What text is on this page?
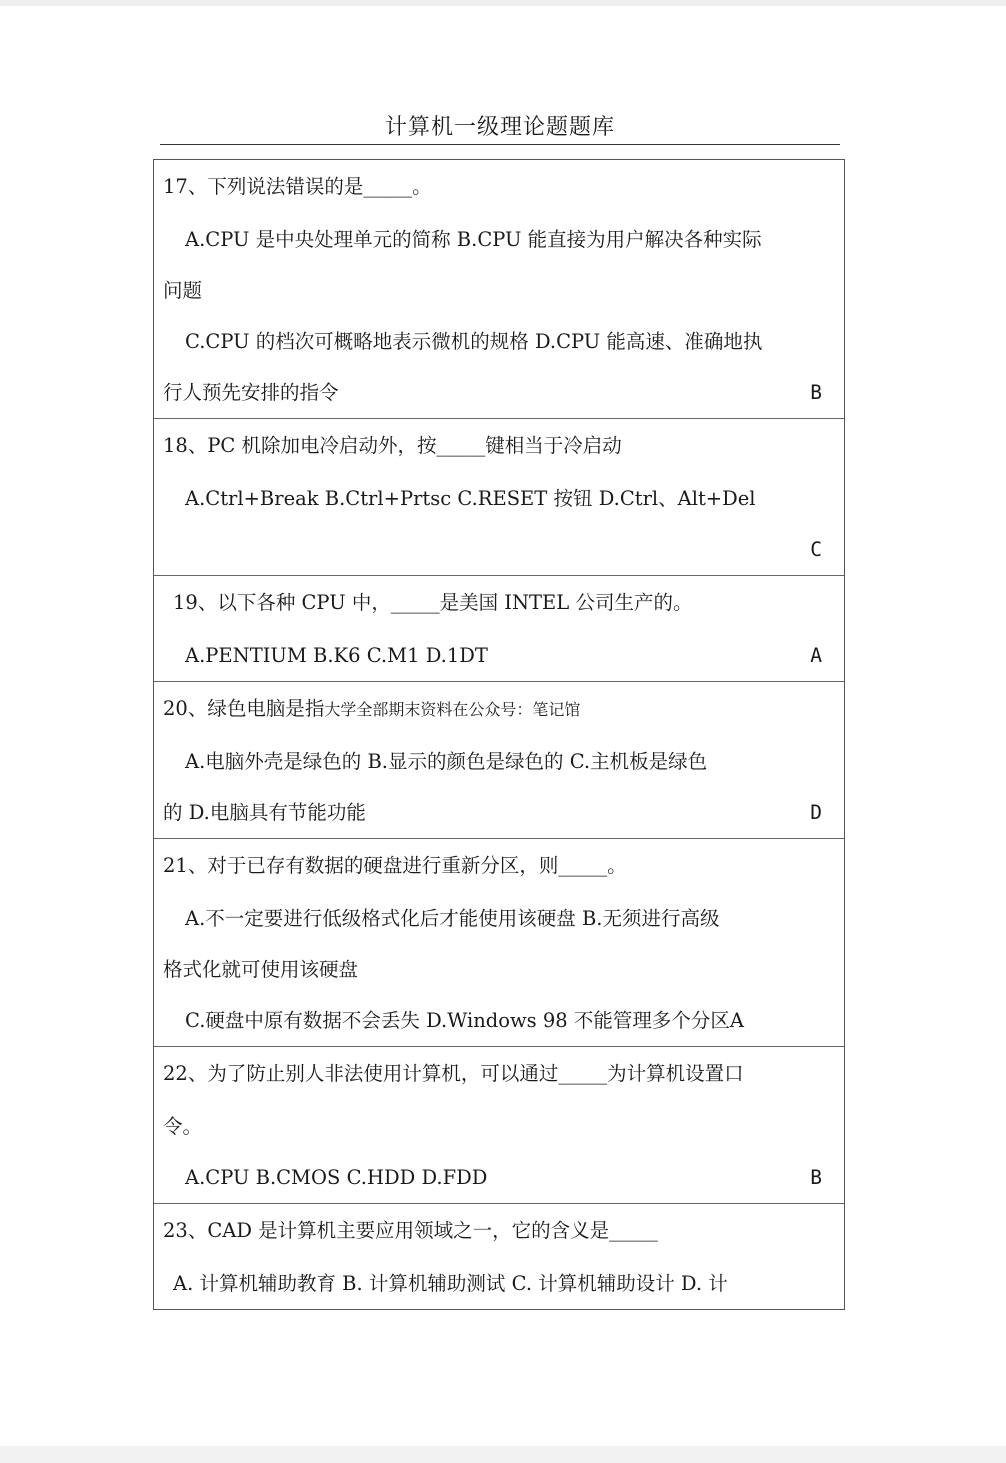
计算机一级理论题题库
17、下列说法错误的是_____。
A.CPU 是中央处理单元的简称 B.CPU 能直接为用户解决各种实际
问题
C.CPU 的档次可概略地表示微机的规格 D.CPU 能高速、准确地执
行人预先安排的指令	B
18、PC 机除加电冷启动外，按_____键相当于冷启动
A.Ctrl+Break B.Ctrl+Prtsc C.RESET 按钮 D.Ctrl、Alt+Del
C
19、以下各种 CPU 中，_____是美国 INTEL 公司生产的。
A.PENTIUM B.K6 C.M1 D.1DT	A
20、绿色电脑是指大学全部期末资料在公众号：笔记馆
A.电脑外壳是绿色的 B.显示的颜色是绿色的 C.主机板是绿色
的 D.电脑具有节能功能	D
21、对于已存有数据的硬盘进行重新分区，则_____。
A.不一定要进行低级格式化后才能使用该硬盘 B.无须进行高级
格式化就可使用该硬盘
C.硬盘中原有数据不会丢失 D.Windows 98 不能管理多个分区A
22、为了防止别人非法使用计算机，可以通过_____为计算机设置口
令。
A.CPU B.CMOS C.HDD D.FDD	B
23、CAD 是计算机主要应用领域之一，它的含义是_____
A. 计算机辅助教育 B. 计算机辅助测试 C. 计算机辅助设计 D. 计
